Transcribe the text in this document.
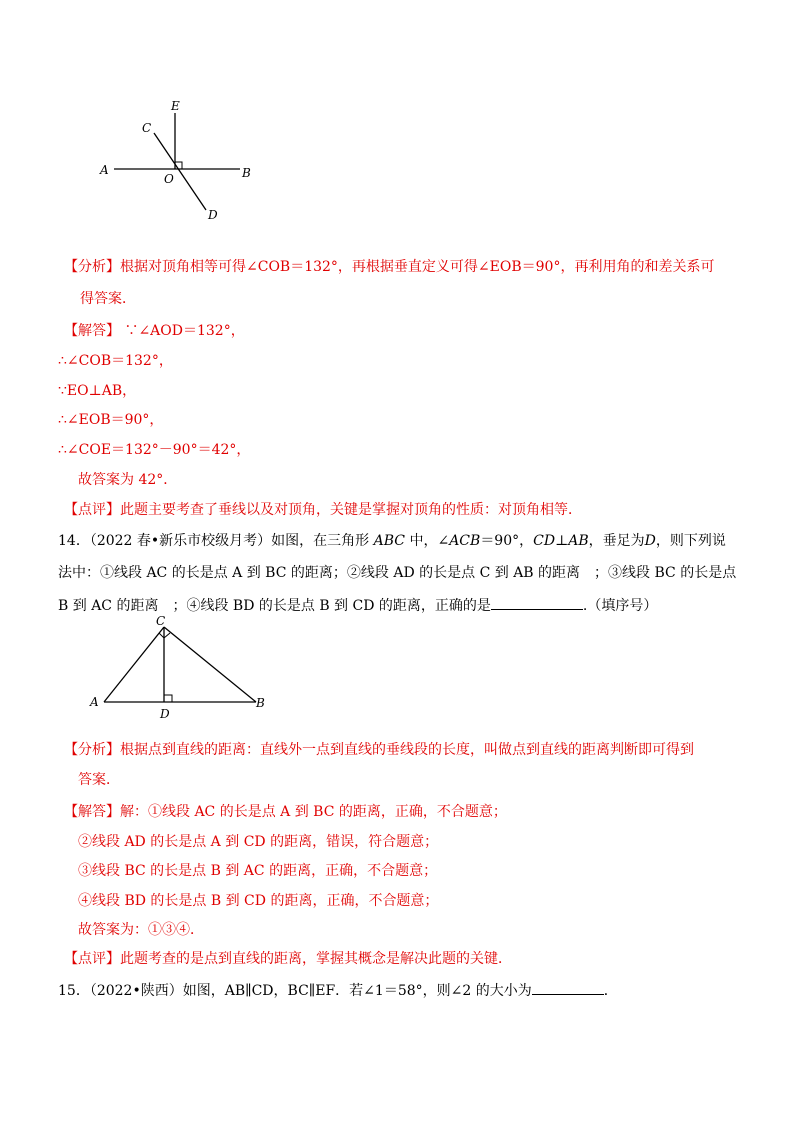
E
C
A
O	B
D
【分析】根据对顶角相等可得∠COB＝132°，再根据垂直定义可得∠EOB＝90°，再利用角的和差关系可
得答案．
【解答】 ∵∠AOD＝132°，
∴∠COB＝132°，
∵EO⊥AB，
∴∠EOB＝90°，
∴∠COE＝132°－90°＝42°，
故答案为 42°．
【点评】此题主要考查了垂线以及对顶角，关键是掌握对顶角的性质：对顶角相等．
14．（2022 春•新乐市校级月考）如图，在三角形 ABC 中，∠ACB＝90°，CD⊥AB，垂足为D，则下列说
法中：①线段 AC 的长是点 A 到 BC 的距离；②线段 AD 的长是点 C 到 AB 的距离　；③线段 BC 的长是点
B 到 AC 的距离　；④线段 BD 的长是点 B 到 CD 的距离，正确的是	.（填序号）
C
A	B
D
【分析】根据点到直线的距离：直线外一点到直线的垂线段的长度，叫做点到直线的距离判断即可得到
答案．
【解答】解：①线段 AC 的长是点 A 到 BC 的距离，正确，不合题意；
②线段 AD 的长是点 A 到 CD 的距离，错误，符合题意；
③线段 BC 的长是点 B 到 AC 的距离，正确，不合题意；
④线段 BD 的长是点 B 到 CD 的距离，正确，不合题意；
故答案为：①③④．
【点评】此题考查的是点到直线的距离，掌握其概念是解决此题的关键．
15．（2022•陕西）如图，AB∥CD，BC∥EF．若∠1＝58°，则∠2 的大小为	．
